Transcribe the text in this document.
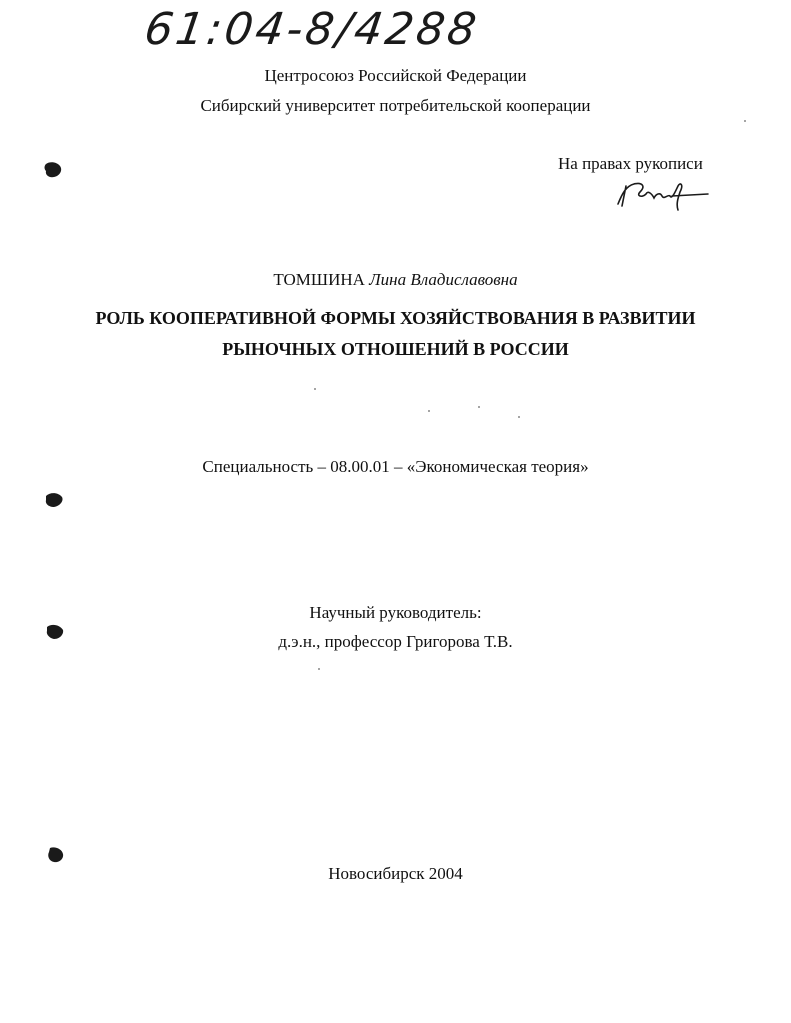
61:04-8/4288
Центросоюз Российской Федерации
Сибирский университет потребительской кооперации
На правах рукописи
ТОМШИНА Лина Владиславовна
РОЛЬ КООПЕРАТИВНОЙ ФОРМЫ ХОЗЯЙСТВОВАНИЯ В РАЗВИТИИ
РЫНОЧНЫХ ОТНОШЕНИЙ В РОССИИ
Специальность – 08.00.01 – «Экономическая теория»
Научный руководитель:
д.э.н., профессор Григорова Т.В.
Новосибирск 2004
